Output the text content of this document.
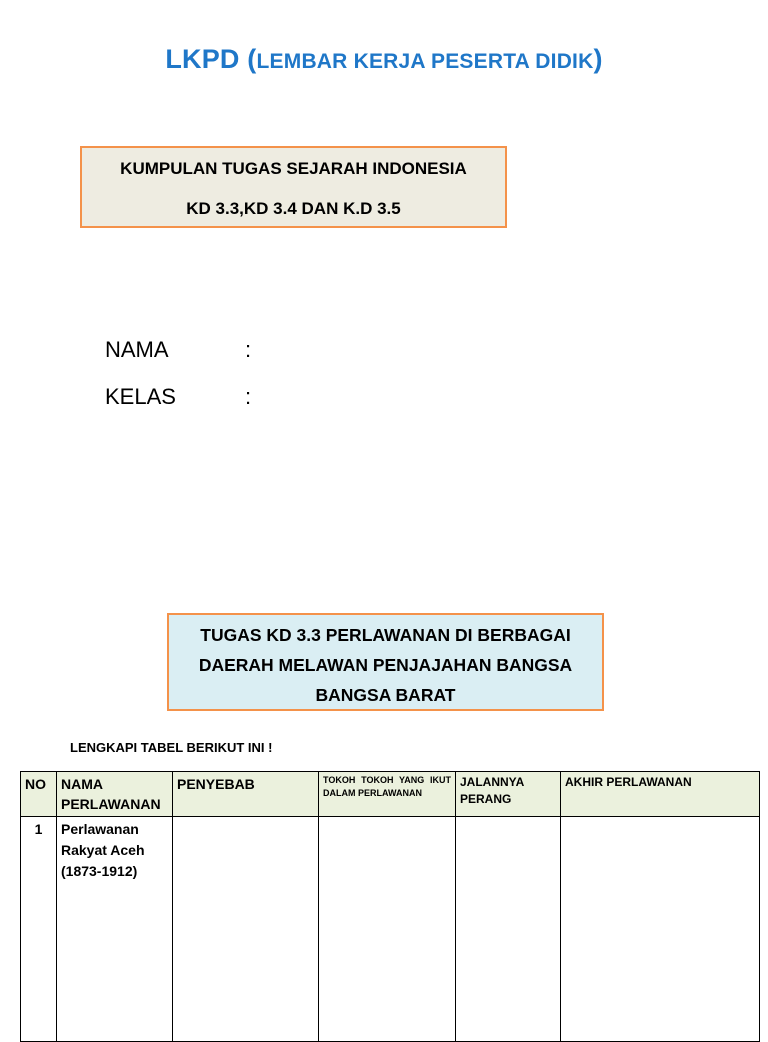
LKPD (LEMBAR KERJA PESERTA DIDIK)
KUMPULAN TUGAS SEJARAH INDONESIA
KD 3.3,KD 3.4 DAN K.D 3.5
NAMA	:
KELAS	:
TUGAS KD 3.3 PERLAWANAN DI BERBAGAI
DAERAH MELAWAN PENJAJAHAN BANGSA
BANGSA BARAT
LENGKAPI TABEL BERIKUT INI !
NO	NAMA PERLAWANAN	PENYEBAB	TOKOH TOKOH YANG IKUT DALAM PERLAWANAN	JALANNYA PERANG	AKHIR PERLAWANAN
1	Perlawanan Rakyat Aceh (1873-1912)				
